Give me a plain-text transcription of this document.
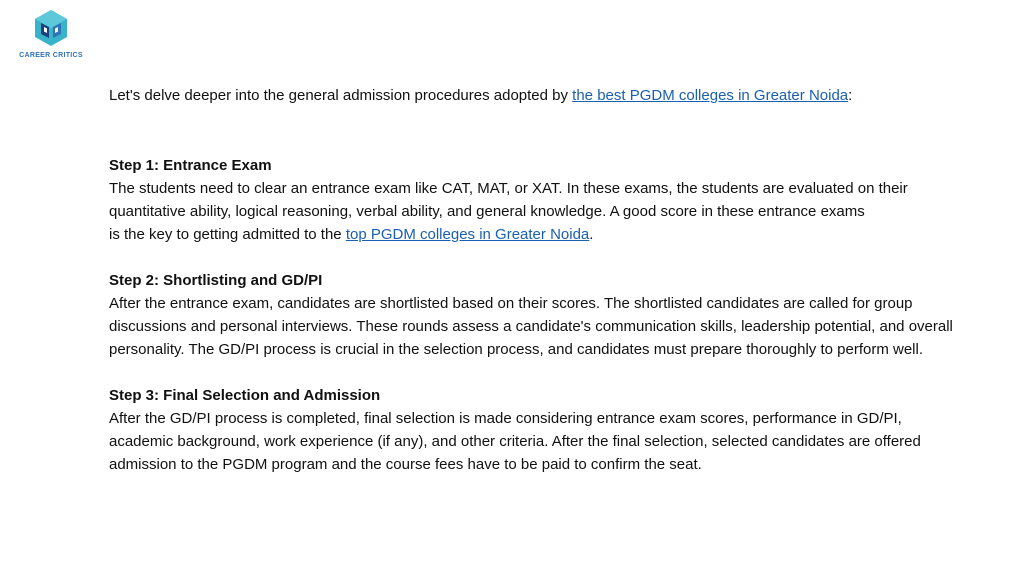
CAREER CRITICS

Let's delve deeper into the general admission procedures adopted by the best PGDM colleges in Greater Noida:

Step 1: Entrance Exam

The students need to clear an entrance exam like CAT, MAT, or XAT. In these exams, the students are evaluated on their
quantitative ability, logical reasoning, verbal ability, and general knowledge. A good score in these entrance exams
is the key to getting admitted to the top PGDM colleges in Greater Noida.

Step 2: Shortlisting and GD/PI

After the entrance exam, candidates are shortlisted based on their scores. The shortlisted candidates are called for group
discussions and personal interviews. These rounds assess a candidate's communication skills, leadership potential, and overall
personality. The GD/PI process is crucial in the selection process, and candidates must prepare thoroughly to perform well.

Step 3: Final Selection and Admission

After the GD/PI process is completed, final selection is made considering entrance exam scores, performance in GD/PI,
academic background, work experience (if any), and other criteria. After the final selection, selected candidates are offered
admission to the PGDM program and the course fees have to be paid to confirm the seat.
